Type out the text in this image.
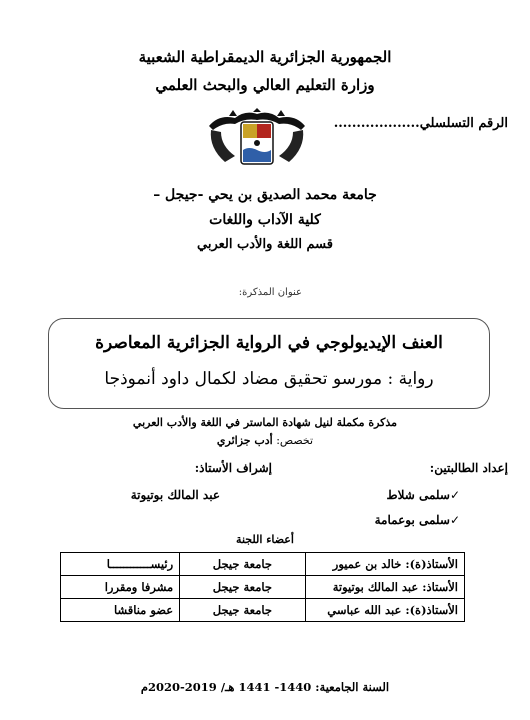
الجمهورية الجزائرية الديمقراطية الشعبية
وزارة التعليم العالي والبحث العلمي
الرقم التسلسلي...................
جامعة محمد الصديق بن يحي -جيجل –
كلية الآداب واللغات
قسم اللغة والأدب العربي
عنوان المذكرة:
العنف الإيديولوجي في الرواية الجزائرية المعاصرة
رواية : مورسو تحقيق مضاد لكمال داود أنموذجا
مذكرة مكملة لنيل شهادة الماستر في اللغة والأدب العربي
تخصص: أدب جزائري
إعداد الطالبتين:
إشراف الأستاذ:
✓سلمى شلاط
✓سلمى بوعمامة
عبد المالك بوتيوتة
أعضاء اللجنة
الأستاذ(ة): خالد بن عميور	جامعة جيجل	رئيســــــــــــا
الأستاذ: عبد المالك بوتيوتة	جامعة جيجل	مشرفا ومقررا
الأستاذ(ة): عبد الله عباسي	جامعة جيجل	عضو مناقشا
السنة الجامعية: 1440- 1441 هـ/ 2019-2020م
